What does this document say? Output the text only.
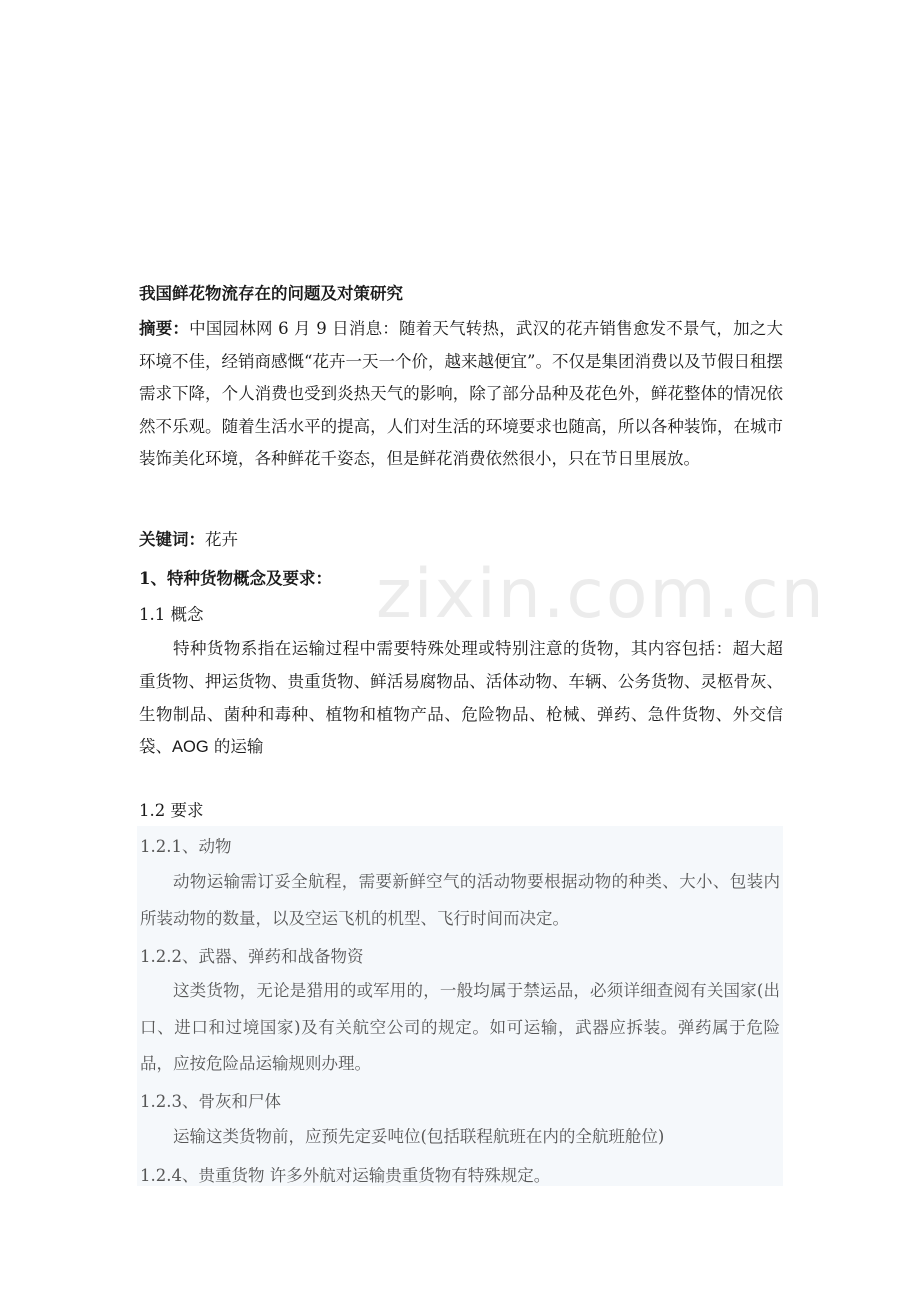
zixin.com.cn
我国鲜花物流存在的问题及对策研究
摘要：中国园林网 6 月 9 日消息：随着天气转热，武汉的花卉销售愈发不景气，加之大环境不佳，经销商感慨“花卉一天一个价，越来越便宜”。不仅是集团消费以及节假日租摆需求下降，个人消费也受到炎热天气的影响，除了部分品种及花色外，鲜花整体的情况依然不乐观。随着生活水平的提高，人们对生活的环境要求也随高，所以各种装饰，在城市装饰美化环境，各种鲜花千姿态，但是鲜花消费依然很小，只在节日里展放。
关键词：花卉
1、特种货物概念及要求：
1.1 概念
特种货物系指在运输过程中需要特殊处理或特别注意的货物，其内容包括：超大超重货物、押运货物、贵重货物、鲜活易腐物品、活体动物、车辆、公务货物、灵柩骨灰、生物制品、菌种和毒种、植物和植物产品、危险物品、枪械、弹药、急件货物、外交信袋、AOG 的运输
1.2 要求
1.2.1、动物
动物运输需订妥全航程，需要新鲜空气的活动物要根据动物的种类、大小、包装内所装动物的数量，以及空运飞机的机型、飞行时间而决定。
1.2.2、武器、弹药和战备物资
这类货物，无论是猎用的或军用的，一般均属于禁运品，必须详细查阅有关国家(出口、进口和过境国家)及有关航空公司的规定。如可运输，武器应拆装。弹药属于危险品，应按危险品运输规则办理。
1.2.3、骨灰和尸体
运输这类货物前，应预先定妥吨位(包括联程航班在内的全航班舱位)
1.2.4、贵重货物 许多外航对运输贵重货物有特殊规定。
